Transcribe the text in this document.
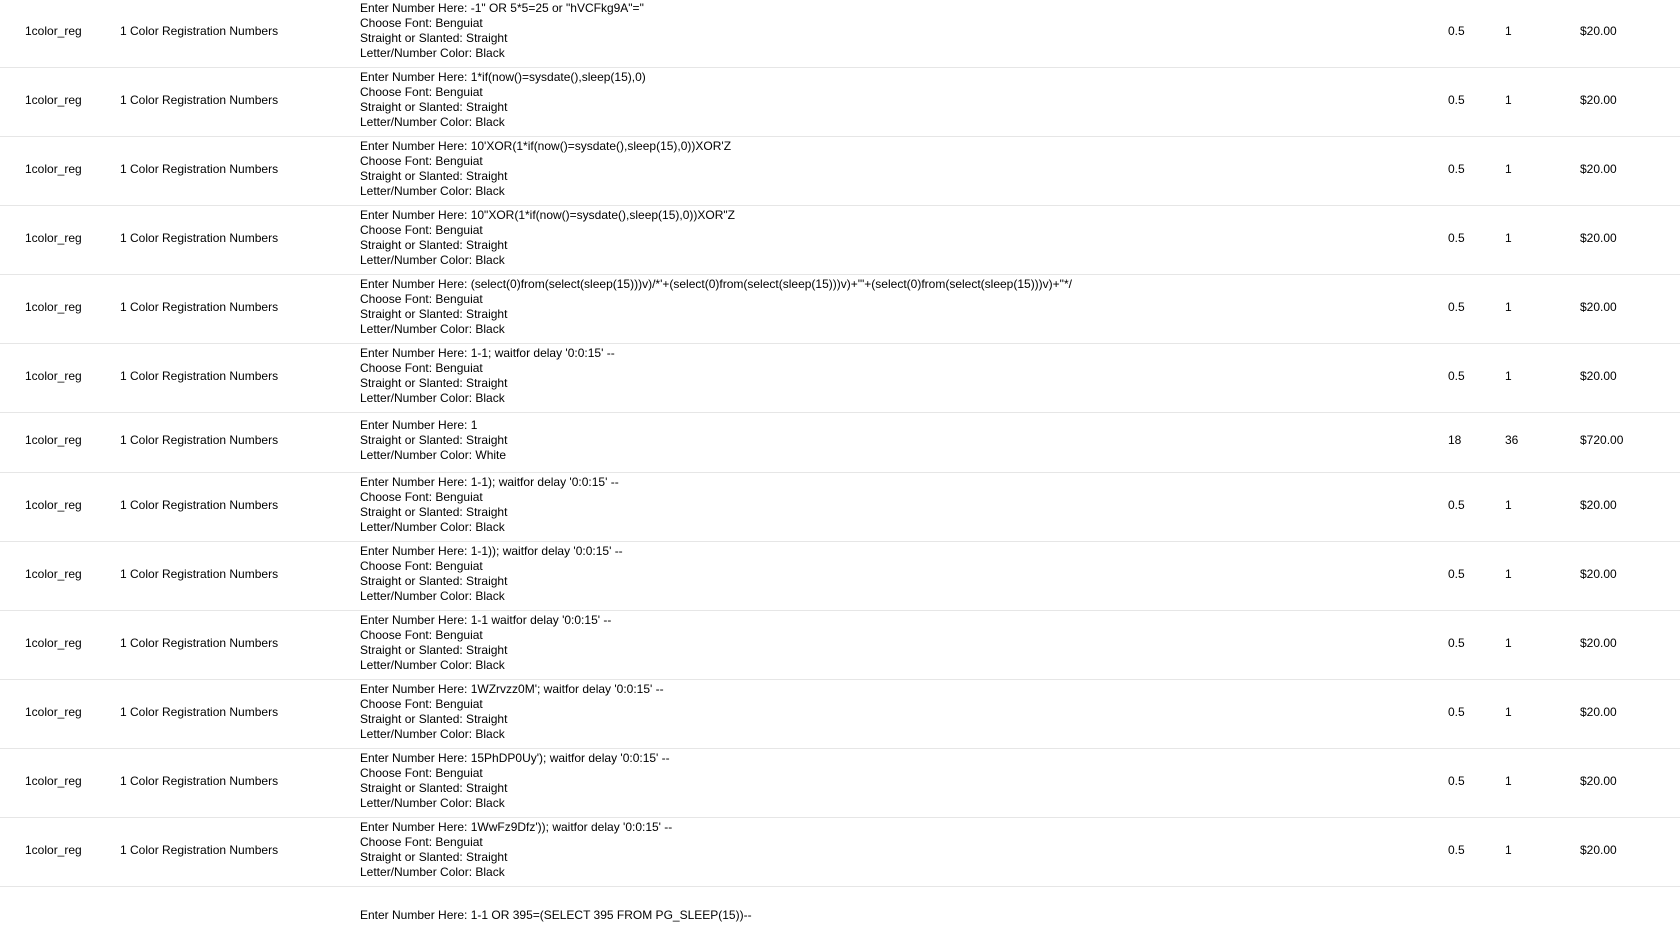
1color_reg	1 Color Registration Numbers
Enter Number Here: -1" OR 5*5=25 or "hVCFkg9A"="
Choose Font: Benguiat
Straight or Slanted: Straight
Letter/Number Color: Black
0.5	1	$20.00
1color_reg	1 Color Registration Numbers
Enter Number Here: 1*if(now()=sysdate(),sleep(15),0)
Choose Font: Benguiat
Straight or Slanted: Straight
Letter/Number Color: Black
0.5	1	$20.00
1color_reg	1 Color Registration Numbers
Enter Number Here: 10'XOR(1*if(now()=sysdate(),sleep(15),0))XOR'Z
Choose Font: Benguiat
Straight or Slanted: Straight
Letter/Number Color: Black
0.5	1	$20.00
1color_reg	1 Color Registration Numbers
Enter Number Here: 10"XOR(1*if(now()=sysdate(),sleep(15),0))XOR"Z
Choose Font: Benguiat
Straight or Slanted: Straight
Letter/Number Color: Black
0.5	1	$20.00
1color_reg	1 Color Registration Numbers
Enter Number Here: (select(0)from(select(sleep(15)))v)/*'+(select(0)from(select(sleep(15)))v)+'"+(select(0)from(select(sleep(15)))v)+"*/
Choose Font: Benguiat
Straight or Slanted: Straight
Letter/Number Color: Black
0.5	1	$20.00
1color_reg	1 Color Registration Numbers
Enter Number Here: 1-1; waitfor delay '0:0:15' --
Choose Font: Benguiat
Straight or Slanted: Straight
Letter/Number Color: Black
0.5	1	$20.00
1color_reg	1 Color Registration Numbers
Enter Number Here: 1
Straight or Slanted: Straight
Letter/Number Color: White
18	36	$720.00
1color_reg	1 Color Registration Numbers
Enter Number Here: 1-1); waitfor delay '0:0:15' --
Choose Font: Benguiat
Straight or Slanted: Straight
Letter/Number Color: Black
0.5	1	$20.00
1color_reg	1 Color Registration Numbers
Enter Number Here: 1-1)); waitfor delay '0:0:15' --
Choose Font: Benguiat
Straight or Slanted: Straight
Letter/Number Color: Black
0.5	1	$20.00
1color_reg	1 Color Registration Numbers
Enter Number Here: 1-1 waitfor delay '0:0:15' --
Choose Font: Benguiat
Straight or Slanted: Straight
Letter/Number Color: Black
0.5	1	$20.00
1color_reg	1 Color Registration Numbers
Enter Number Here: 1WZrvzz0M'; waitfor delay '0:0:15' --
Choose Font: Benguiat
Straight or Slanted: Straight
Letter/Number Color: Black
0.5	1	$20.00
1color_reg	1 Color Registration Numbers
Enter Number Here: 15PhDP0Uy'); waitfor delay '0:0:15' --
Choose Font: Benguiat
Straight or Slanted: Straight
Letter/Number Color: Black
0.5	1	$20.00
1color_reg	1 Color Registration Numbers
Enter Number Here: 1WwFz9Dfz')); waitfor delay '0:0:15' --
Choose Font: Benguiat
Straight or Slanted: Straight
Letter/Number Color: Black
0.5	1	$20.00
Enter Number Here: 1-1 OR 395=(SELECT 395 FROM PG_SLEEP(15))--
